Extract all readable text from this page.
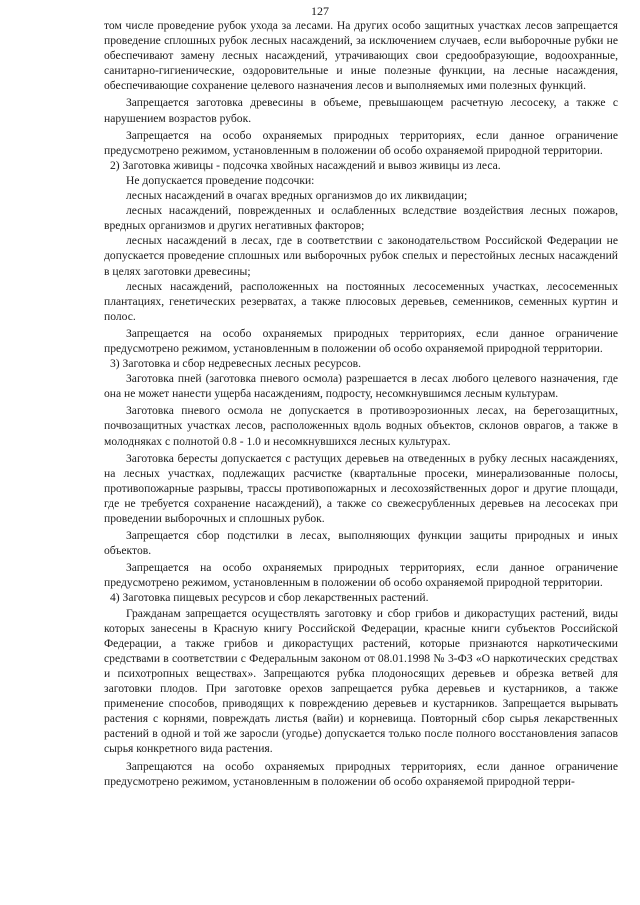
127

том числе проведение рубок ухода за лесами. На других особо защитных участках лесов запрещается проведение сплошных рубок лесных насаждений, за исключением случаев, если выборочные рубки не обеспечивают замену лесных насаждений, утрачивающих свои средообразующие, водоохранные, санитарно-гигиенические, оздоровительные и иные полезные функции, на лесные насаждения, обеспечивающие сохранение целевого назначения лесов и выполняемых ими полезных функций.

Запрещается заготовка древесины в объеме, превышающем расчетную лесосеку, а также с нарушением возрастов рубок.

Запрещается на особо охраняемых природных территориях, если данное ограничение предусмотрено режимом, установленным в положении об особо охраняемой природной территории.

2) Заготовка живицы - подсочка хвойных насаждений и вывоз живицы из леса.

Не допускается проведение подсочки:

лесных насаждений в очагах вредных организмов до их ликвидации;

лесных насаждений, поврежденных и ослабленных вследствие воздействия лесных пожаров, вредных организмов и других негативных факторов;

лесных насаждений в лесах, где в соответствии с законодательством Российской Федерации не допускается проведение сплошных или выборочных рубок спелых и перестойных лесных насаждений в целях заготовки древесины;

лесных насаждений, расположенных на постоянных лесосеменных участках, лесосеменных плантациях, генетических резерватах, а также плюсовых деревьев, семенников, семенных куртин и полос.

Запрещается на особо охраняемых природных территориях, если данное ограничение предусмотрено режимом, установленным в положении об особо охраняемой природной территории.

3) Заготовка и сбор недревесных лесных ресурсов.

Заготовка пней (заготовка пневого осмола) разрешается в лесах любого целевого назначения, где она не может нанести ущерба насаждениям, подросту, несомкнувшимся лесным культурам.

Заготовка пневого осмола не допускается в противоэрозионных лесах, на берегозащитных, почвозащитных участках лесов, расположенных вдоль водных объектов, склонов оврагов, а также в молодняках с полнотой 0.8 - 1.0 и несомкнувшихся лесных культурах.

Заготовка бересты допускается с растущих деревьев на отведенных в рубку лесных насаждениях, на лесных участках, подлежащих расчистке (квартальные просеки, минерализованные полосы, противопожарные разрывы, трассы противопожарных и лесохозяйственных дорог и другие площади, где не требуется сохранение насаждений), а также со свежесрубленных деревьев на лесосеках при проведении выборочных и сплошных рубок.

Запрещается сбор подстилки в лесах, выполняющих функции защиты природных и иных объектов.

Запрещается на особо охраняемых природных территориях, если данное ограничение предусмотрено режимом, установленным в положении об особо охраняемой природной территории.

4) Заготовка пищевых ресурсов и сбор лекарственных растений.

Гражданам запрещается осуществлять заготовку и сбор грибов и дикорастущих растений, виды которых занесены в Красную книгу Российской Федерации, красные книги субъектов Российской Федерации, а также грибов и дикорастущих растений, которые признаются наркотическими средствами в соответствии с Федеральным законом от 08.01.1998 № 3-ФЗ «О наркотических средствах и психотропных веществах». Запрещаются рубка плодоносящих деревьев и обрезка ветвей для заготовки плодов. При заготовке орехов запрещается рубка деревьев и кустарников, а также применение способов, приводящих к повреждению деревьев и кустарников. Запрещается вырывать растения с корнями, повреждать листья (вайи) и корневища. Повторный сбор сырья лекарственных растений в одной и той же заросли (угодье) допускается только после полного восстановления запасов сырья конкретного вида растения.

Запрещаются на особо охраняемых природных территориях, если данное ограничение предусмотрено режимом, установленным в положении об особо охраняемой природной терри-
